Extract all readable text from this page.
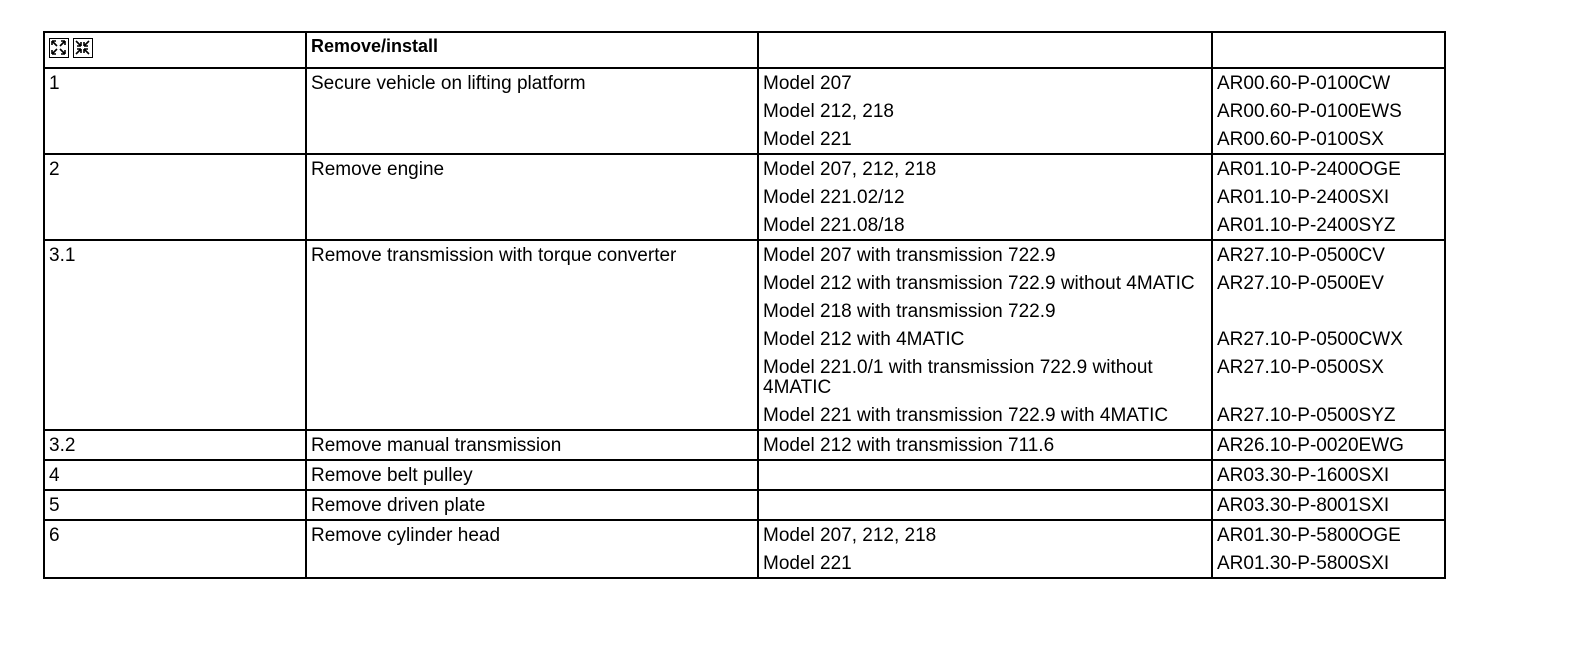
	Remove/install		
1	Secure vehicle on lifting platform	Model 207	AR00.60-P-0100CW
		Model 212, 218	AR00.60-P-0100EWS
		Model 221	AR00.60-P-0100SX
2	Remove engine	Model 207, 212, 218	AR01.10-P-2400OGE
		Model 221.02/12	AR01.10-P-2400SXI
		Model 221.08/18	AR01.10-P-2400SYZ
3.1	Remove transmission with torque converter	Model 207 with transmission 722.9	AR27.10-P-0500CV
		Model 212 with transmission 722.9 without 4MATIC	AR27.10-P-0500EV
		Model 218 with transmission 722.9	
		Model 212 with 4MATIC	AR27.10-P-0500CWX
		Model 221.0/1 with transmission 722.9 without 4MATIC	AR27.10-P-0500SX
		Model 221 with transmission 722.9 with 4MATIC	AR27.10-P-0500SYZ
3.2	Remove manual transmission	Model 212 with transmission 711.6	AR26.10-P-0020EWG
4	Remove belt pulley		AR03.30-P-1600SXI
5	Remove driven plate		AR03.30-P-8001SXI
6	Remove cylinder head	Model 207, 212, 218	AR01.30-P-5800OGE
		Model 221	AR01.30-P-5800SXI
